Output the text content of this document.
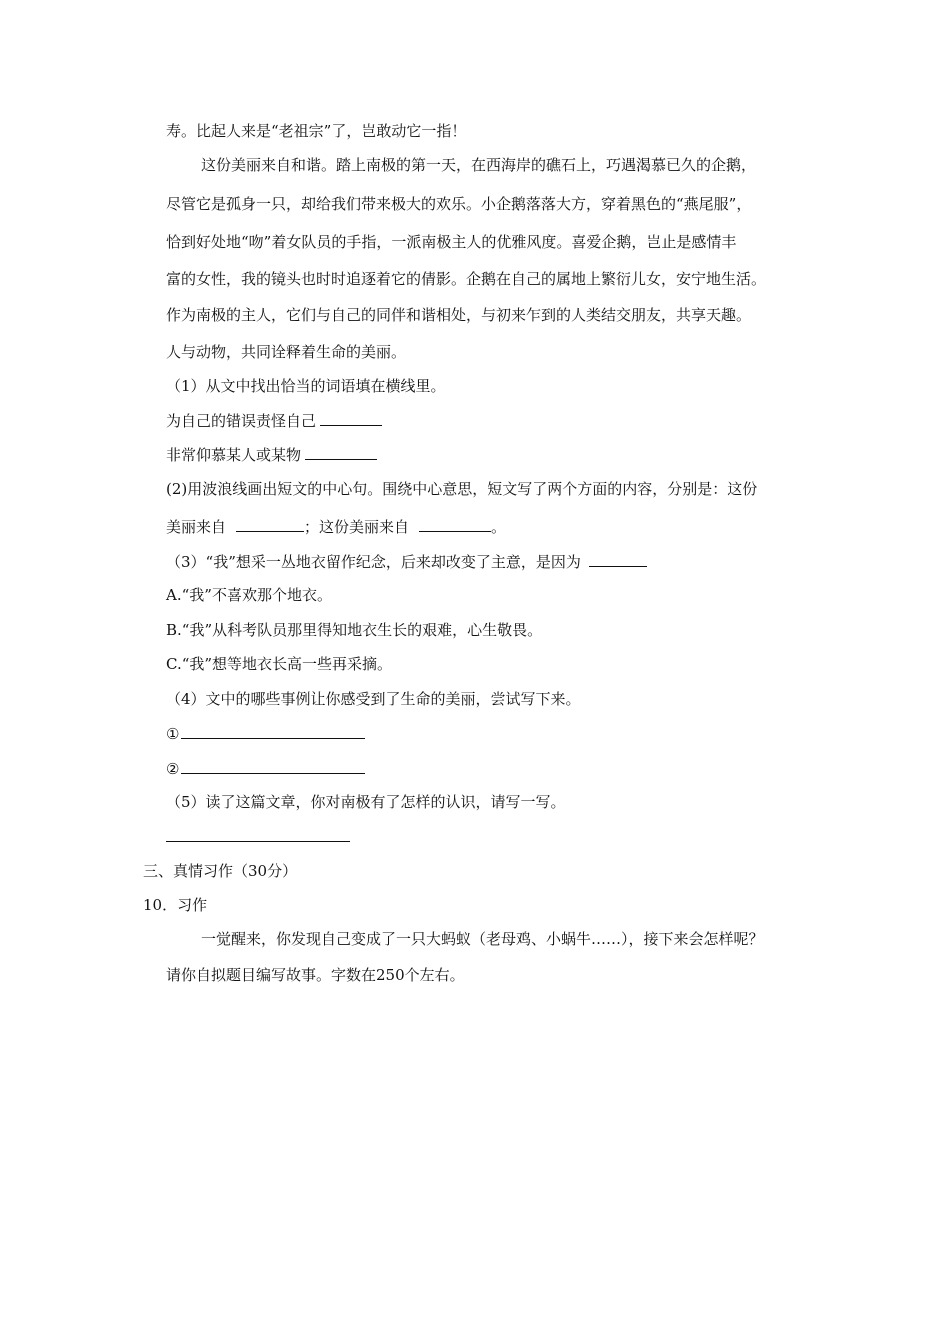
寿。比起人来是“老祖宗”了，岂敢动它一指！
这份美丽来自和谐。踏上南极的第一天，在西海岸的礁石上，巧遇渴慕已久的企鹅，
尽管它是孤身一只，却给我们带来极大的欢乐。小企鹅落落大方，穿着黑色的“燕尾服”，
恰到好处地“吻”着女队员的手指，一派南极主人的优雅风度。喜爱企鹅，岂止是感情丰
富的女性，我的镜头也时时追逐着它的倩影。企鹅在自己的属地上繁衍儿女，安宁地生活。
作为南极的主人，它们与自己的同伴和谐相处，与初来乍到的人类结交朋友，共享天趣。
人与动物，共同诠释着生命的美丽。
（1）从文中找出恰当的词语填在横线里。
为自己的错误责怪自己
非常仰慕某人或某物
(2)用波浪线画出短文的中心句。围绕中心意思，短文写了两个方面的内容，分别是：这份
美丽来自	；这份美丽来自	。
（3）“我”想采一丛地衣留作纪念，后来却改变了主意，是因为
A.“我”不喜欢那个地衣。
B.“我”从科考队员那里得知地衣生长的艰难，心生敬畏。
C.“我”想等地衣长高一些再采摘。
（4）文中的哪些事例让你感受到了生命的美丽，尝试写下来。
①
②
（5）读了这篇文章，你对南极有了怎样的认识，请写一写。
三、真情习作（30分）
10．习作
一觉醒来，你发现自己变成了一只大蚂蚁（老母鸡、小蜗牛……），接下来会怎样呢？
请你自拟题目编写故事。字数在250个左右。
